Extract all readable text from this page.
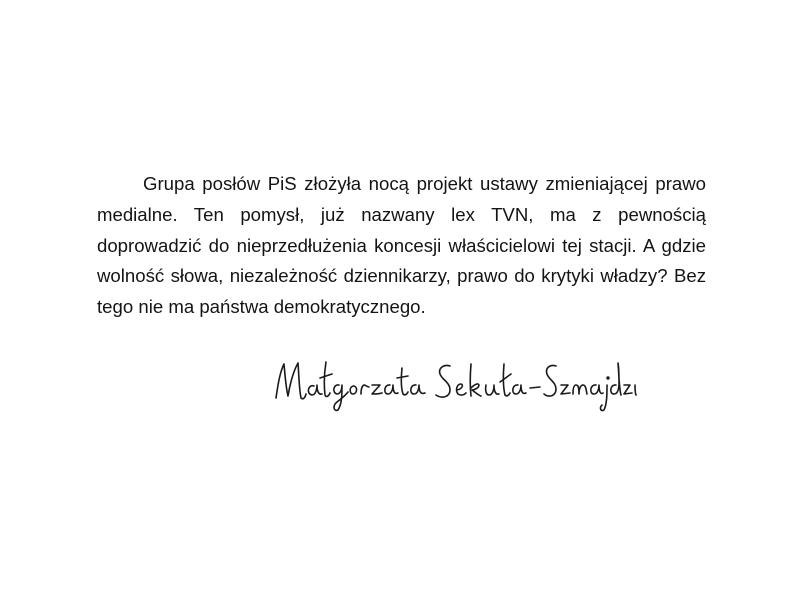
Grupa posłów PiS złożyła nocą projekt ustawy zmieniającej prawo medialne. Ten pomysł, już nazwany lex TVN, ma z pewnością doprowadzić do nieprzedłużenia koncesji właścicielowi tej stacji. A gdzie wolność słowa, niezależność dziennikarzy, prawo do krytyki władzy? Bez tego nie ma państwa demokratycznego.
